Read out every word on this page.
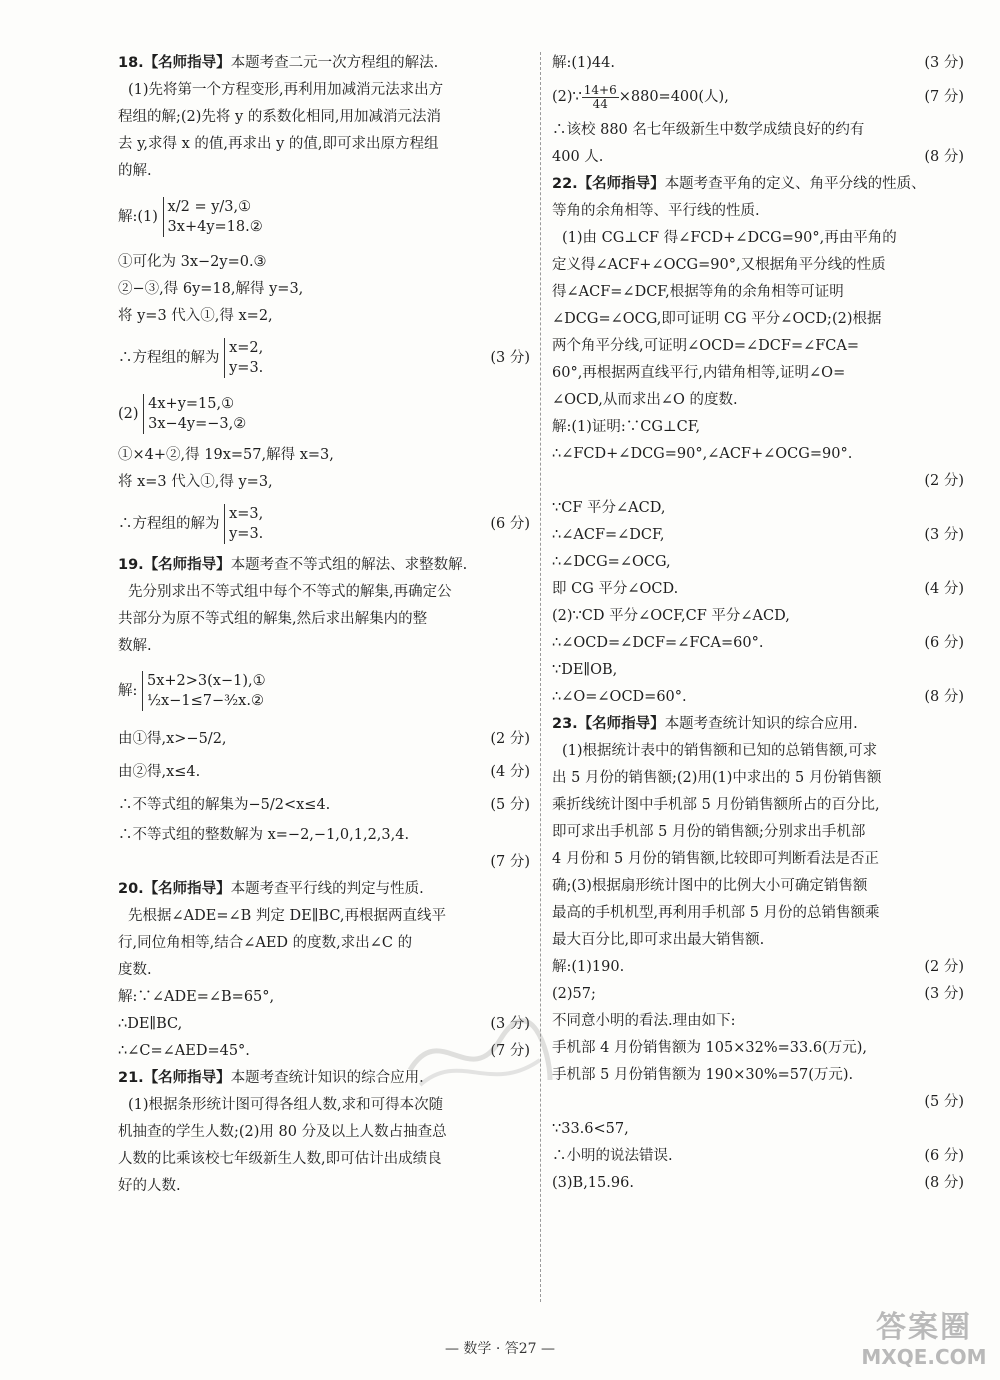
18.【名师指导】本题考查二元一次方程组的解法.
(1)先将第一个方程变形,再利用加减消元法求出方
程组的解;(2)先将 y 的系数化相同,用加减消元法消
去 y,求得 x 的值,再求出 y 的值,即可求出原方程组
的解.
解:(1)
x/2 = y/3,①
3x+4y=18.②
①可化为 3x−2y=0.③
②−③,得 6y=18,解得 y=3,
将 y=3 代入①,得 x=2,
∴方程组的解为
x=2,
y=3.
(3 分)
(2)
4x+y=15,①
3x−4y=−3,②
①×4+②,得 19x=57,解得 x=3,
将 x=3 代入①,得 y=3,
∴方程组的解为
x=3,
y=3.
(6 分)
19.【名师指导】本题考查不等式组的解法、求整数解.
先分别求出不等式组中每个不等式的解集,再确定公
共部分为原不等式组的解集,然后求出解集内的整
数解.
解:
5x+2>3(x−1),①
½x−1≤7−³⁄₂x.②
由①得,x>−5/2,	(2 分)
由②得,x≤4.	(4 分)
∴不等式组的解集为−5/2<x≤4.	(5 分)
∴不等式组的整数解为 x=−2,−1,0,1,2,3,4.
(7 分)
20.【名师指导】本题考查平行线的判定与性质.
先根据∠ADE=∠B 判定 DE∥BC,再根据两直线平
行,同位角相等,结合∠AED 的度数,求出∠C 的
度数.
解:∵∠ADE=∠B=65°,
∴DE∥BC,	(3 分)
∴∠C=∠AED=45°.	(7 分)
21.【名师指导】本题考查统计知识的综合应用.
(1)根据条形统计图可得各组人数,求和可得本次随
机抽查的学生人数;(2)用 80 分及以上人数占抽查总
人数的比乘该校七年级新生人数,即可估计出成绩良
好的人数.
解:(1)44.	(3 分)
(2)∵ $\frac{14+6}{44} \times 880=400$(人),	(7 分)
∴该校 880 名七年级新生中数学成绩良好的约有
400 人.	(8 分)
22.【名师指导】本题考查平角的定义、角平分线的性质、
等角的余角相等、平行线的性质.
(1)由 CG⊥CF 得∠FCD+∠DCG=90°,再由平角的
定义得∠ACF+∠OCG=90°,又根据角平分线的性质
得∠ACF=∠DCF,根据等角的余角相等可证明
∠DCG=∠OCG,即可证明 CG 平分∠OCD;(2)根据
两个角平分线,可证明∠OCD=∠DCF=∠FCA=
60°,再根据两直线平行,内错角相等,证明∠O=
∠OCD,从而求出∠O 的度数.
解:(1)证明:∵CG⊥CF,
∴∠FCD+∠DCG=90°,∠ACF+∠OCG=90°.
(2 分)
∵CF 平分∠ACD,
∴∠ACF=∠DCF,	(3 分)
∴∠DCG=∠OCG,
即 CG 平分∠OCD.	(4 分)
(2)∵CD 平分∠OCF,CF 平分∠ACD,
∴∠OCD=∠DCF=∠FCA=60°.	(6 分)
∵DE∥OB,
∴∠O=∠OCD=60°.	(8 分)
23.【名师指导】本题考查统计知识的综合应用.
(1)根据统计表中的销售额和已知的总销售额,可求
出 5 月份的销售额;(2)用(1)中求出的 5 月份销售额
乘折线统计图中手机部 5 月份销售额所占的百分比,
即可求出手机部 5 月份的销售额;分别求出手机部
4 月份和 5 月份的销售额,比较即可判断看法是否正
确;(3)根据扇形统计图中的比例大小可确定销售额
最高的手机机型,再利用手机部 5 月份的总销售额乘
最大百分比,即可求出最大销售额.
解:(1)190.	(2 分)
(2)57;	(3 分)
不同意小明的看法.理由如下:
手机部 4 月份销售额为 105×32%=33.6(万元),
手机部 5 月份销售额为 190×30%=57(万元).
(5 分)
∵33.6<57,
∴小明的说法错误.	(6 分)
(3)B,15.96.	(8 分)
— 数学 · 答27 —
答案圈
MXQE.COM
